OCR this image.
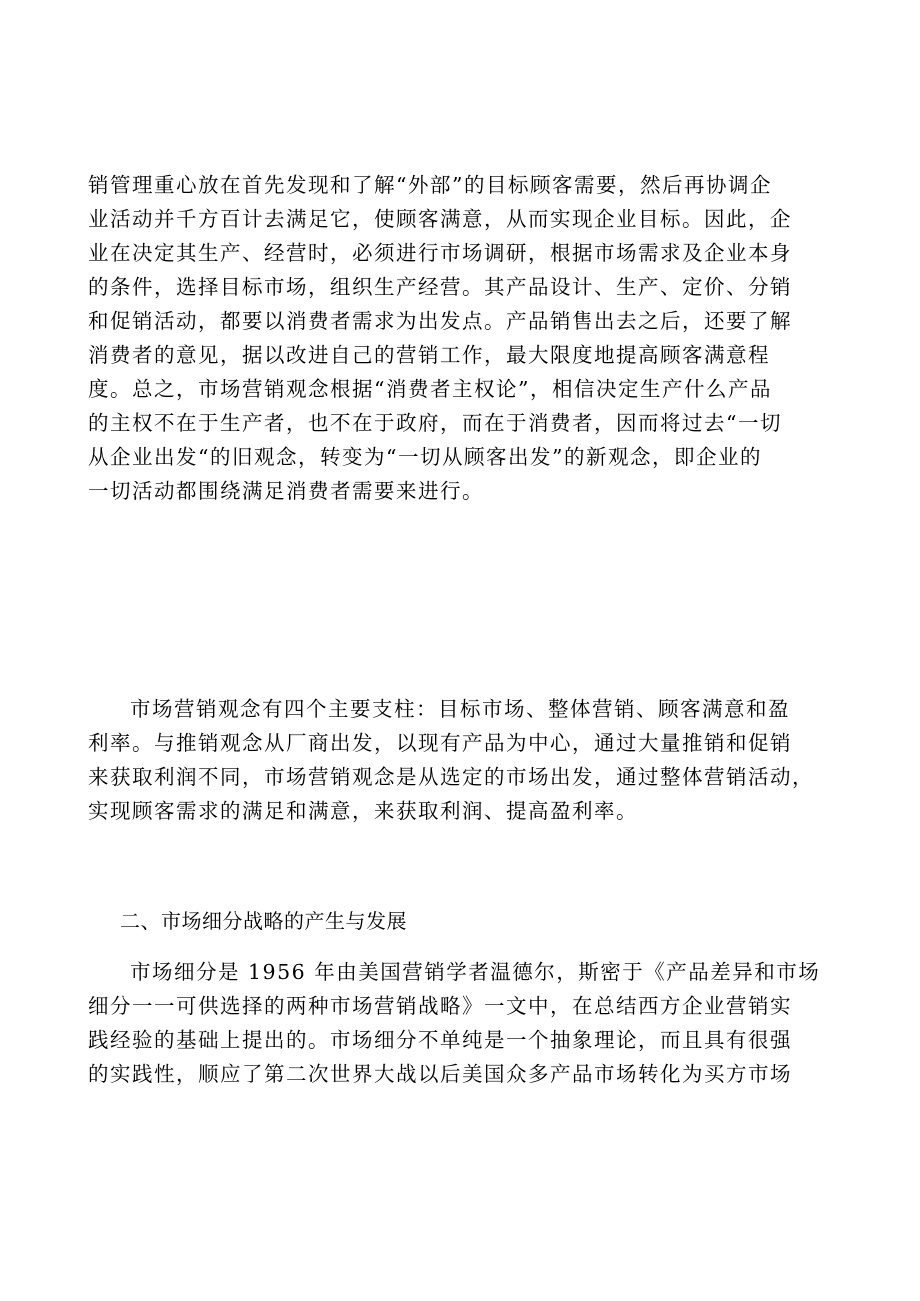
销管理重心放在首先发现和了解“外部”的目标顾客需要，然后再协调企
业活动并千方百计去满足它，使顾客满意，从而实现企业目标。因此，企
业在决定其生产、经营时，必须进行市场调研，根据市场需求及企业本身
的条件，选择目标市场，组织生产经营。其产品设计、生产、定价、分销
和促销活动，都要以消费者需求为出发点。产品销售出去之后，还要了解
消费者的意见，据以改进自己的营销工作，最大限度地提高顾客满意程
度。总之，市场营销观念根据“消费者主权论”，相信决定生产什么产品
的主权不在于生产者，也不在于政府，而在于消费者，因而将过去“一切
从企业出发“的旧观念，转变为“一切从顾客出发”的新观念，即企业的
一切活动都围绕满足消费者需要来进行。
市场营销观念有四个主要支柱：目标市场、整体营销、顾客满意和盈
利率。与推销观念从厂商出发，以现有产品为中心，通过大量推销和促销
来获取利润不同，市场营销观念是从选定的市场出发，通过整体营销活动，
实现顾客需求的满足和满意，来获取利润、提高盈利率。
二、市场细分战略的产生与发展
市场细分是 1956 年由美国营销学者温德尔，斯密于《产品差异和市场
细分一一可供选择的两种市场营销战略》一文中，在总结西方企业营销实
践经验的基础上提出的。市场细分不单纯是一个抽象理论，而且具有很强
的实践性，顺应了第二次世界大战以后美国众多产品市场转化为买方市场
